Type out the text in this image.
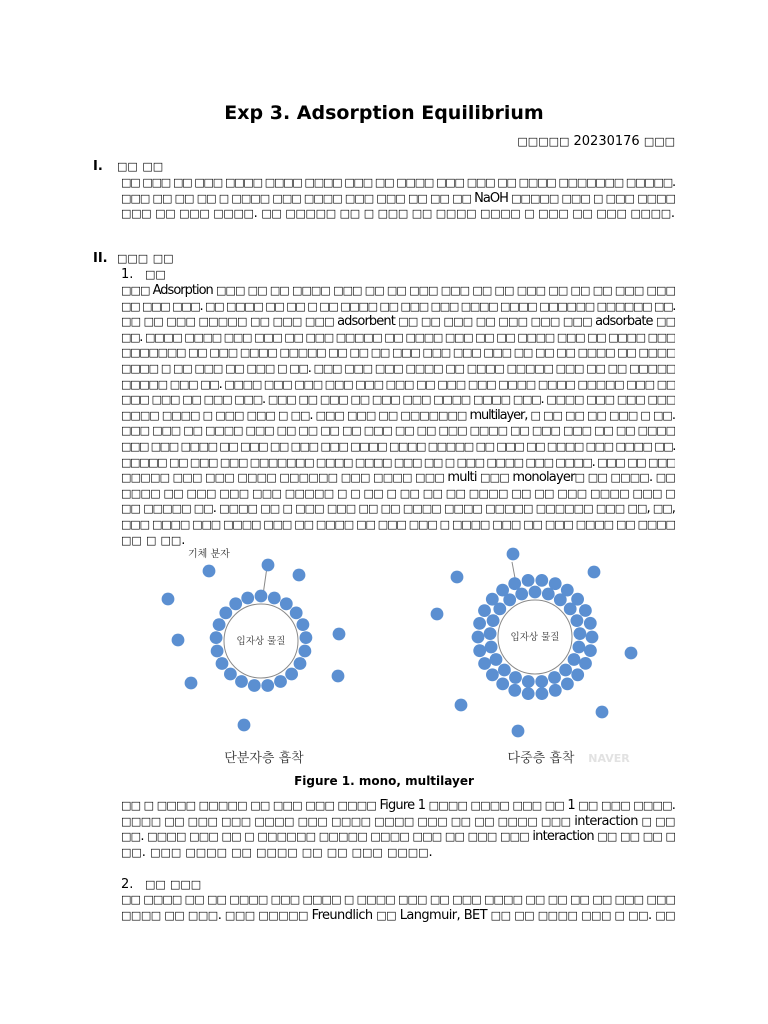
Exp 3. Adsorption Equilibrium
□□□□□ 20230176 □□□
I. □□ □□
□□ □□□ □□ □□□ □□□□ □□□□ □□□□ □□□ □□ □□□□ □□□ □□□ □□ □□□□ □□□□□□□ □□□□□.
□□□ □□ □□ □□ □ □□□□ □□□ □□□□ □□□ □□□ □□ □□ □□ NaOH □□□□□ □□□ □ □□□ □□□□
□□□ □□ □□□ □□□□. □□ □□□□□ □□ □ □□□ □□ □□□□ □□□□ □ □□□ □□ □□□ □□□□.
II. □□□ □□
1. □□
□□□ Adsorption □□□ □□ □□ □□□□ □□□ □□ □□ □□□ □□□ □□ □□ □□□ □□ □□ □□ □□□ □□□
□□ □□□ □□□. □□ □□□□ □□ □□ □ □□ □□□□ □□ □□□ □□□ □□□□ □□□□ □□□□□□ □□□□□□ □□.
□□ □□ □□□ □□□□□ □□ □□□ □□□ adsorbent □□ □□ □□□ □□ □□□ □□□ □□□ adsorbate □□
□□. □□□□ □□□□ □□□ □□□ □□ □□□ □□□□□ □□ □□□□ □□□ □□ □□ □□□□ □□□ □□ □□□□ □□□
□□□□□□□ □□ □□□ □□□□ □□□□□ □□ □□ □□ □□□ □□□ □□□ □□□ □□ □□ □□ □□□□ □□ □□□□
□□□□ □ □□ □□□ □□ □□□ □ □□. □□□ □□□ □□□ □□□□ □□ □□□□ □□□□□ □□□ □□ □□ □□□□□
□□□□□ □□□ □□. □□□□ □□□ □□□ □□□ □□□ □□□ □□ □□□ □□□ □□□□ □□□□ □□□□□ □□□ □□
□□□ □□□ □□ □□□ □□□. □□□ □□ □□□ □□ □□□ □□□ □□□□ □□□□ □□□. □□□□ □□□ □□□ □□□
□□□□ □□□□ □ □□□ □□□ □ □□. □□□ □□□ □□ □□□□□□□ multilayer, □ □□ □□ □□ □□□ □ □□.
□□□ □□□ □□ □□□□ □□□ □□ □□ □□ □□ □□□ □□ □□ □□□ □□□□ □□ □□□ □□□ □□ □□ □□□□
□□□ □□□ □□□□ □□ □□□ □□ □□□ □□□ □□□□ □□□□ □□□□□ □□ □□□ □□ □□□□ □□□ □□□□ □□.
□□□□□ □□ □□□ □□□ □□□□□□□ □□□□ □□□□ □□□ □□ □ □□□ □□□□ □□□ □□□□. □□□ □□ □□□
□□□□□ □□□ □□□ □□□□ □□□□□□ □□□ □□□□ □□□ multi □□□ monolayer□ □□ □□□□. □□
□□□□ □□ □□□ □□□ □□□ □□□□□ □ □ □□ □ □□ □□ □□ □□□□ □□ □□ □□□ □□□□ □□□ □
□□ □□□□□ □□. □□□□ □□ □ □□□ □□□ □□ □□ □□□□ □□□□ □□□□□ □□□□□□ □□□ □□, □□,
□□□ □□□□ □□□ □□□□ □□□ □□ □□□□ □□ □□□ □□□ □ □□□□ □□□ □□ □□□ □□□□ □□ □□□□
□□ □ □□.
기체 분자
입자상 물질
단분자층 흡착
입자상 물질
다중층 흡착 NAVER
Figure 1. mono, multilayer
□□ □ □□□□ □□□□□ □□ □□□ □□□ □□□□ Figure 1 □□□□ □□□□ □□□ □□ 1 □□ □□□ □□□□.
□□□□ □□ □□□ □□□ □□□□ □□□ □□□□ □□□□ □□□ □□ □□ □□□□ □□□ interaction □ □□
□□. □□□□ □□□ □□ □ □□□□□□ □□□□□ □□□□ □□□ □□ □□□ □□□ interaction □□ □□ □□ □
□□. □□□ □□□□ □□ □□□□ □□ □□ □□□ □□□□.
2. □□ □□□
□□ □□□□ □□ □□ □□□□ □□□ □□□□ □ □□□□ □□□ □□ □□□ □□□□ □□ □□ □□ □□ □□□ □□□
□□□□ □□ □□□. □□□ □□□□□ Freundlich □□ Langmuir, BET □□ □□ □□□□ □□□ □ □□. □□
